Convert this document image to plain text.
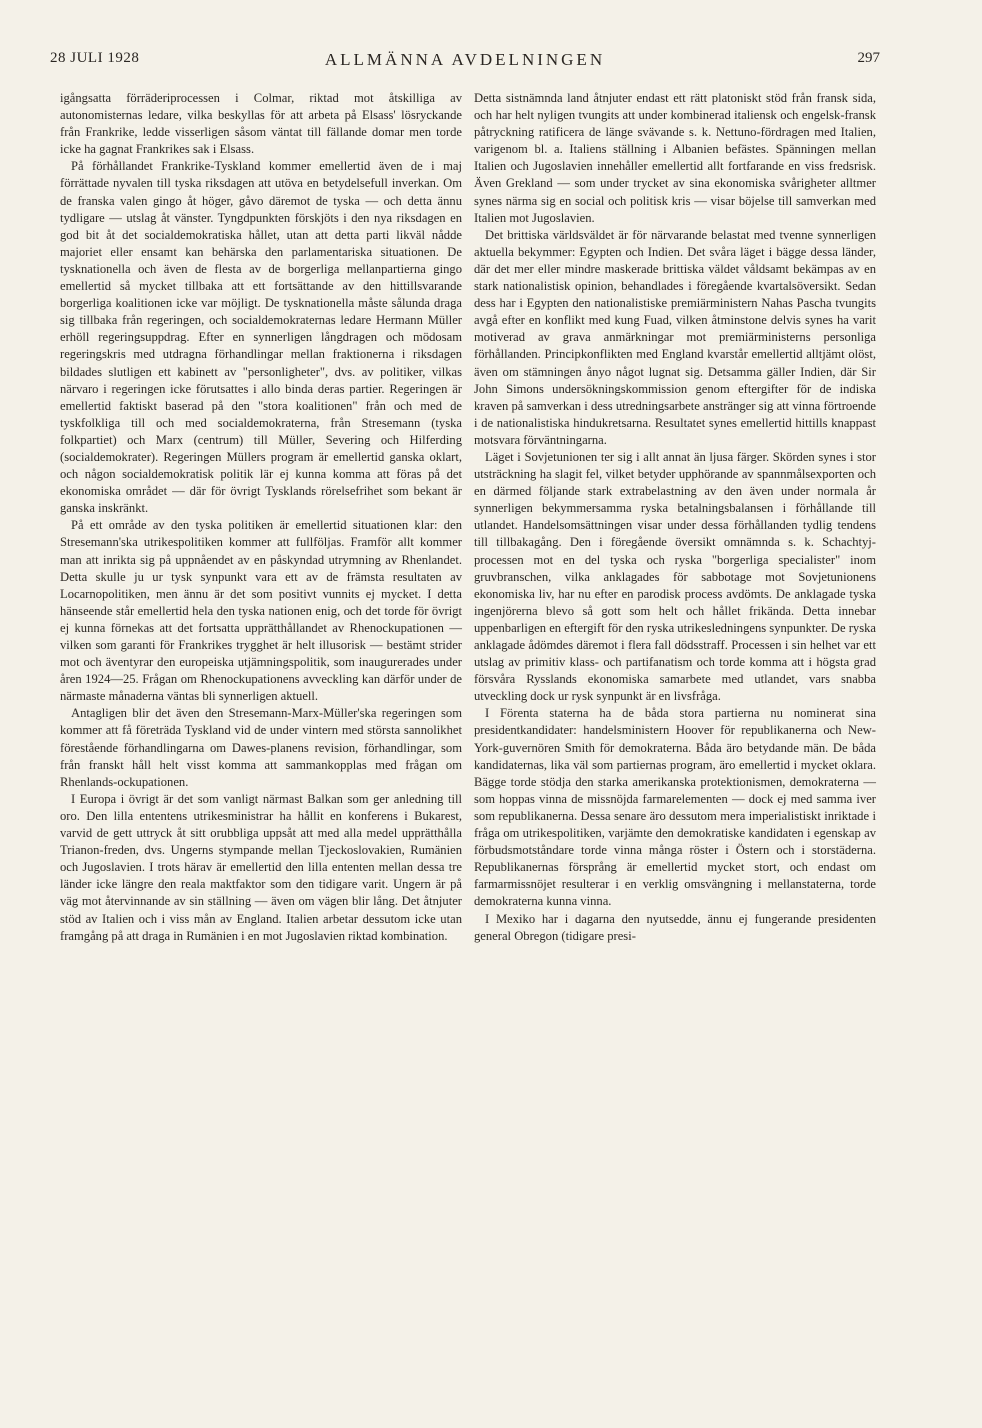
28 JULI 1928	ALLMÄNNA AVDELNINGEN	297

igångsatta förräderiprocessen i Colmar, riktad mot åtskilliga av autonomisternas ledare, vilka beskyllas för att arbeta på Elsass' lösryckande från Frankrike, ledde visserligen såsom väntat till fällande domar men torde icke ha gagnat Frankrikes sak i Elsass.

På förhållandet Frankrike-Tyskland kommer emellertid även de i maj förrättade nyvalen till tyska riksdagen att utöva en betydelsefull inverkan. Om de franska valen gingo åt höger, gåvo däremot de tyska — och detta ännu tydligare — utslag åt vänster. Tyngdpunkten förskjöts i den nya riksdagen en god bit åt det socialdemokratiska hållet, utan att detta parti likväl nådde majoriet eller ensamt kan behärska den parlamentariska situationen. De tysknationella och även de flesta av de borgerliga mellanpartierna gingo emellertid så mycket tillbaka att ett fortsättande av den hittillsvarande borgerliga koalitionen icke var möjligt. De tysknationella måste sålunda draga sig tillbaka från regeringen, och socialdemokraternas ledare Hermann Müller erhöll regeringsuppdrag. Efter en synnerligen långdragen och mödosam regeringskris med utdragna förhandlingar mellan fraktionerna i riksdagen bildades slutligen ett kabinett av "personligheter", dvs. av politiker, vilkas närvaro i regeringen icke förutsattes i allo binda deras partier. Regeringen är emellertid faktiskt baserad på den "stora koalitionen" från och med de tyskfolkliga till och med socialdemokraterna, från Stresemann (tyska folkpartiet) och Marx (centrum) till Müller, Severing och Hilferding (socialdemokrater). Regeringen Müllers program är emellertid ganska oklart, och någon socialdemokratisk politik lär ej kunna komma att föras på det ekonomiska området — där för övrigt Tysklands rörelsefrihet som bekant är ganska inskränkt.

På ett område av den tyska politiken är emellertid situationen klar: den Stresemann'ska utrikespolitiken kommer att fullföljas. Framför allt kommer man att inrikta sig på uppnåendet av en påskyndad utrymning av Rhenlandet. Detta skulle ju ur tysk synpunkt vara ett av de främsta resultaten av Locarnopolitiken, men ännu är det som positivt vunnits ej mycket. I detta hänseende står emellertid hela den tyska nationen enig, och det torde för övrigt ej kunna förnekas att det fortsatta upprätthållandet av Rhenockupationen — vilken som garanti för Frankrikes trygghet är helt illusorisk — bestämt strider mot och äventyrar den europeiska utjämningspolitik, som inaugurerades under åren 1924—25. Frågan om Rhenockupationens avveckling kan därför under de närmaste månaderna väntas bli synnerligen aktuell.

Antagligen blir det även den Stresemann-Marx-Müller'ska regeringen som kommer att få företräda Tyskland vid de under vintern med största sannolikhet förestående förhandlingarna om Dawes-planens revision, förhandlingar, som från franskt håll helt visst komma att sammankopplas med frågan om Rhenlands-ockupationen.

I Europa i övrigt är det som vanligt närmast Balkan som ger anledning till oro. Den lilla ententens utrikesministrar ha hållit en konferens i Bukarest, varvid de gett uttryck åt sitt orubbliga uppsåt att med alla medel upprätthålla Trianon-freden, dvs. Ungerns stympande mellan Tjeckoslovakien, Rumänien och Jugoslavien. I trots härav är emellertid den lilla ententen mellan dessa tre länder icke längre den reala maktfaktor som den tidigare varit. Ungern är på väg mot återvinnande av sin ställning — även om vägen blir lång. Det åtnjuter stöd av Italien och i viss mån av England. Italien arbetar dessutom icke utan framgång på att draga in Rumänien i en mot Jugoslavien riktad kombination.

Detta sistnämnda land åtnjuter endast ett rätt platoniskt stöd från fransk sida, och har helt nyligen tvungits att under kombinerad italiensk och engelsk-fransk påtryckning ratificera de länge svävande s. k. Nettuno-fördragen med Italien, varigenom bl. a. Italiens ställning i Albanien befästes. Spänningen mellan Italien och Jugoslavien innehåller emellertid allt fortfarande en viss fredsrisk. Även Grekland — som under trycket av sina ekonomiska svårigheter alltmer synes närma sig en social och politisk kris — visar böjelse till samverkan med Italien mot Jugoslavien.

Det brittiska världsväldet är för närvarande belastat med tvenne synnerligen aktuella bekymmer: Egypten och Indien. Det svåra läget i bägge dessa länder, där det mer eller mindre maskerade brittiska väldet våldsamt bekämpas av en stark nationalistisk opinion, behandlades i föregående kvartalsöversikt. Sedan dess har i Egypten den nationalistiske premiärministern Nahas Pascha tvungits avgå efter en konflikt med kung Fuad, vilken åtminstone delvis synes ha varit motiverad av grava anmärkningar mot premiärministerns personliga förhållanden. Principkonflikten med England kvarstår emellertid alltjämt olöst, även om stämningen ånyo något lugnat sig. Detsamma gäller Indien, där Sir John Simons undersökningskommission genom eftergifter för de indiska kraven på samverkan i dess utredningsarbete anstränger sig att vinna förtroende i de nationalistiska hindukretsarna. Resultatet synes emellertid hittills knappast motsvara förväntningarna.

Läget i Sovjetunionen ter sig i allt annat än ljusa färger. Skörden synes i stor utsträckning ha slagit fel, vilket betyder upphörande av spannmålsexporten och en därmed följande stark extrabelastning av den även under normala år synnerligen bekymmersamma ryska betalningsbalansen i förhållande till utlandet. Handelsomsättningen visar under dessa förhållanden tydlig tendens till tillbakagång. Den i föregående översikt omnämnda s. k. Schachtyj-processen mot en del tyska och ryska "borgerliga specialister" inom gruvbranschen, vilka anklagades för sabbotage mot Sovjetunionens ekonomiska liv, har nu efter en parodisk process avdömts. De anklagade tyska ingenjörerna blevo så gott som helt och hållet frikända. Detta innebar uppenbarligen en eftergift för den ryska utrikesledningens synpunkter. De ryska anklagade ådömdes däremot i flera fall dödsstraff. Processen i sin helhet var ett utslag av primitiv klass- och partifanatism och torde komma att i högsta grad försvåra Rysslands ekonomiska samarbete med utlandet, vars snabba utveckling dock ur rysk synpunkt är en livsfråga.

I Förenta staterna ha de båda stora partierna nu nominerat sina presidentkandidater: handelsministern Hoover för republikanerna och New-York-guvernören Smith för demokraterna. Båda äro betydande män. De båda kandidaternas, lika väl som partiernas program, äro emellertid i mycket oklara. Bägge torde stödja den starka amerikanska protektionismen, demokraterna — som hoppas vinna de missnöjda farmarelementen — dock ej med samma iver som republikanerna. Dessa senare äro dessutom mera imperialistiskt inriktade i fråga om utrikespolitiken, varjämte den demokratiske kandidaten i egenskap av förbudsmotståndare torde vinna många röster i Östern och i storstäderna. Republikanernas försprång är emellertid mycket stort, och endast om farmarmissnöjet resulterar i en verklig omsvängning i mellanstaterna, torde demokraterna kunna vinna.

I Mexiko har i dagarna den nyutsedde, ännu ej fungerande presidenten general Obregon (tidigare presi-
